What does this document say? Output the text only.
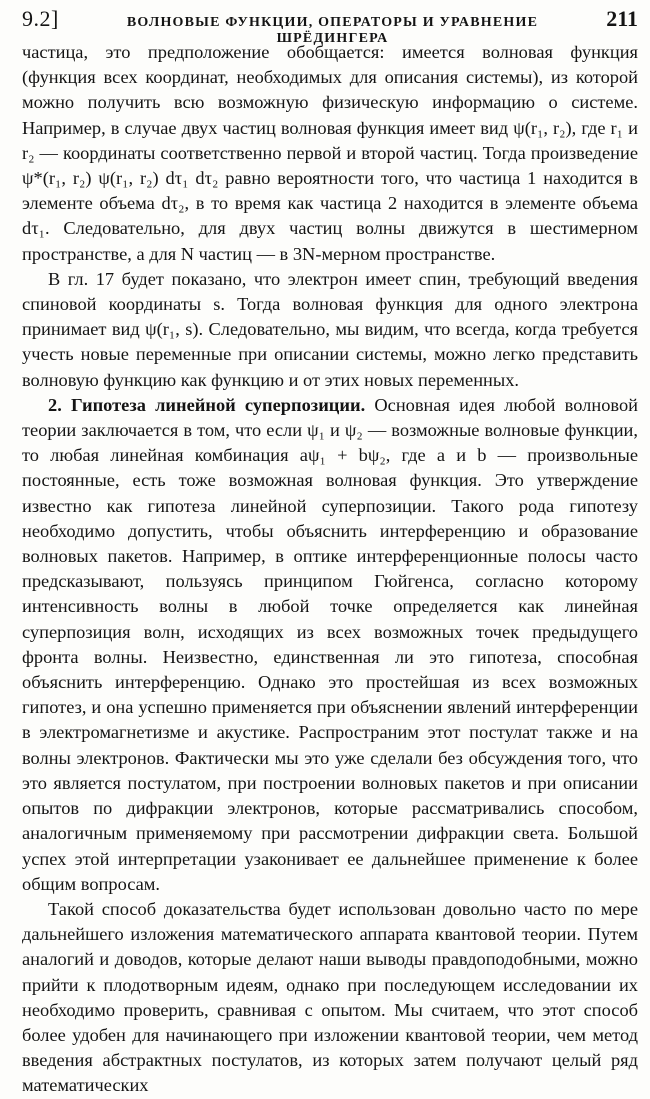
9.2]	ВОЛНОВЫЕ ФУНКЦИИ, ОПЕРАТОРЫ И УРАВНЕНИЕ ШРЁДИНГЕРА
211

частица, это предположение обобщается: имеется волновая функция (функция всех координат, необходимых для описания системы), из которой можно получить всю возможную физическую информацию о системе. Например, в случае двух частиц волновая функция имеет вид ψ(r₁, r₂), где r₁ и r₂ — координаты соответственно первой и второй частиц. Тогда произведение ψ*(r₁, r₂) ψ(r₁, r₂) dτ₁ dτ₂ равно вероятности того, что частица 1 находится в элементе объема dτ₂, в то время как частица 2 находится в элементе объема dτ₁. Следовательно, для двух частиц волны движутся в шестимерном пространстве, а для N частиц — в 3N-мерном пространстве.

В гл. 17 будет показано, что электрон имеет спин, требующий введения спиновой координаты s. Тогда волновая функция для одного электрона принимает вид ψ(r₁, s). Следовательно, мы видим, что всегда, когда требуется учесть новые переменные при описании системы, можно легко представить волновую функцию как функцию и от этих новых переменных.

2. Гипотеза линейной суперпозиции. Основная идея любой волновой теории заключается в том, что если ψ₁ и ψ₂ — возможные волновые функции, то любая линейная комбинация aψ₁ + bψ₂, где a и b — произвольные постоянные, есть тоже возможная волновая функция. Это утверждение известно как гипотеза линейной суперпозиции. Такого рода гипотезу необходимо допустить, чтобы объяснить интерференцию и образование волновых пакетов. Например, в оптике интерференционные полосы часто предсказывают, пользуясь принципом Гюйгенса, согласно которому интенсивность волны в любой точке определяется как линейная суперпозиция волн, исходящих из всех возможных точек предыдущего фронта волны. Неизвестно, единственная ли это гипотеза, способная объяснить интерференцию. Однако это простейшая из всех возможных гипотез, и она успешно применяется при объяснении явлений интерференции в электромагнетизме и акустике. Распространим этот постулат также и на волны электронов. Фактически мы это уже сделали без обсуждения того, что это является постулатом, при построении волновых пакетов и при описании опытов по дифракции электронов, которые рассматривались способом, аналогичным применяемому при рассмотрении дифракции света. Большой успех этой интерпретации узаконивает ее дальнейшее применение к более общим вопросам.

Такой способ доказательства будет использован довольно часто по мере дальнейшего изложения математического аппарата квантовой теории. Путем аналогий и доводов, которые делают наши выводы правдоподобными, можно прийти к плодотворным идеям, однако при последующем исследовании их необходимо проверить, сравнивая с опытом. Мы считаем, что этот способ более удобен для начинающего при изложении квантовой теории, чем метод введения абстрактных постулатов, из которых затем получают целый ряд математических
